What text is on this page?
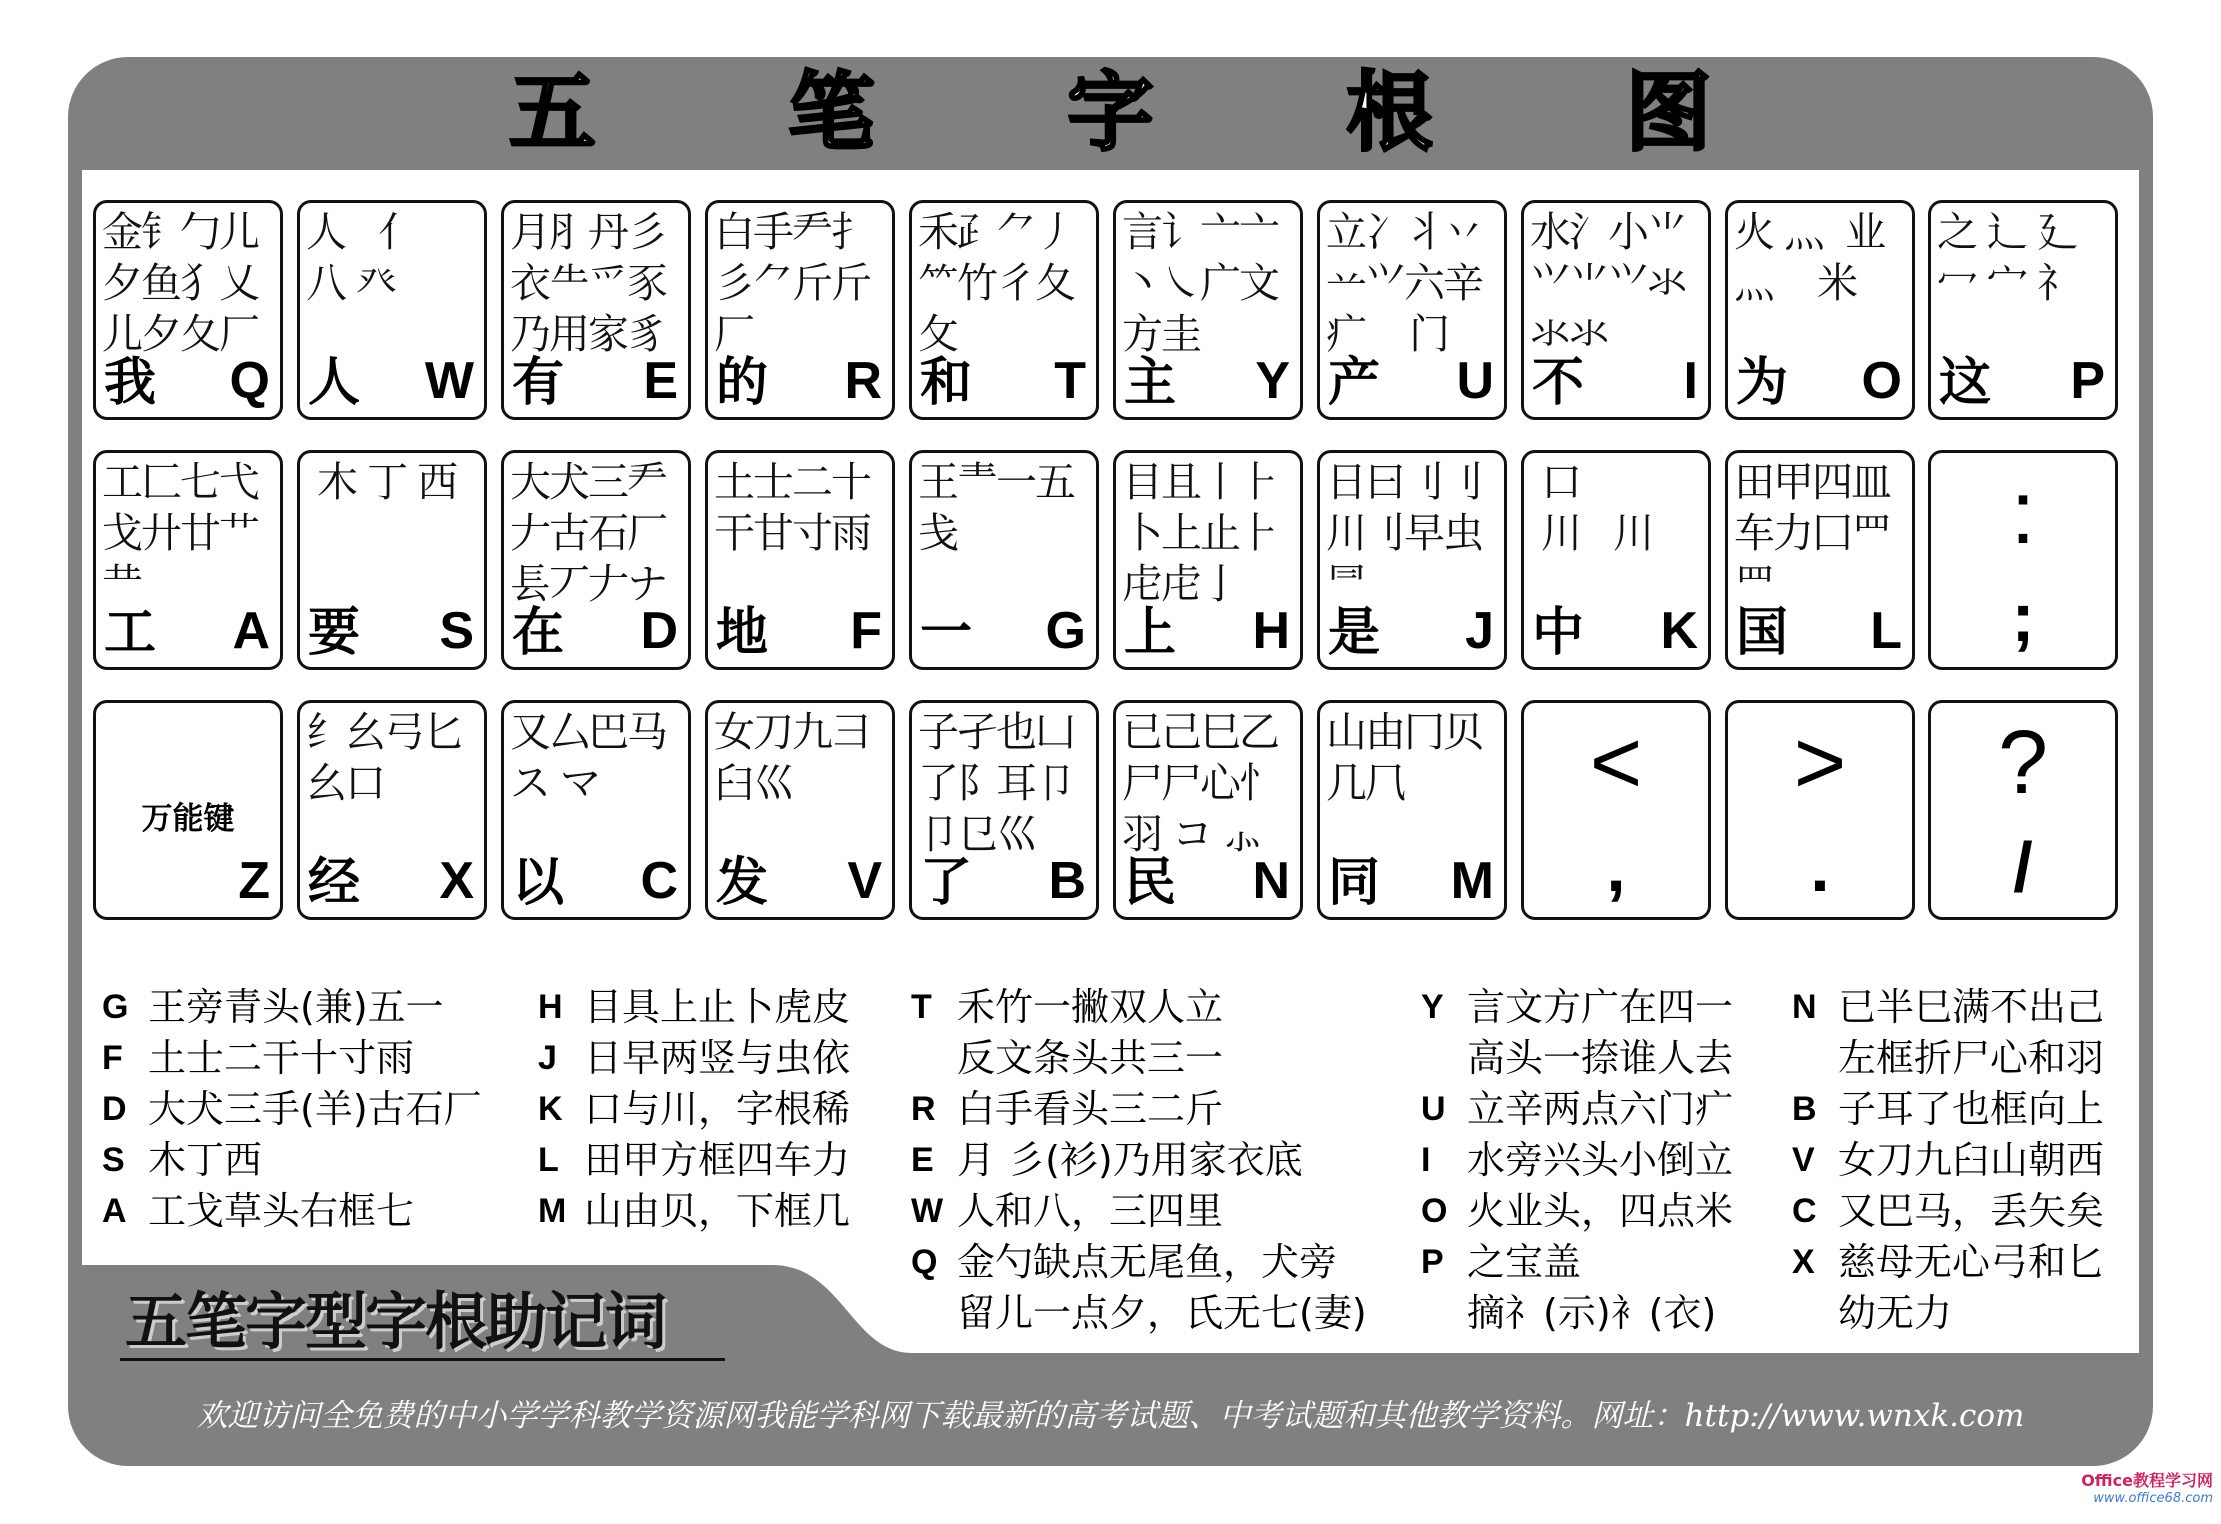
五 笔 字 根 图
金钅勹儿
夕鱼犭乂
儿夕夂厂
我 Q
人   亻
八 癶
人 W
月⺼丹彡
衣⺧爫豕
乃用家豸
有 E
白手龵扌
彡⺈斤斤
厂
的 R
禾⺪⺈丿
⺮竹彳夂
攵
和 T
言讠亠亠
丶㇏广文
方圭
主 Y
立冫丬丷
䒑⺍六辛
疒    门
产 U
水氵小⺌
⺍⺌⺍氺
氺氺
不 I
火 灬  业
灬    米
为 O
之 辶 廴
冖 宀 礻
这 P
工匚七弋
戈廾廿艹
龷
工 A
木 丁 西
要 S
大犬三龵
𠂇古石厂
镸丆𠂇ナ
在 D
土士二十
干甘寸雨
地 F
王龶一五
戋
一 G
目且丨⺊
卜上止⺊
虍虍亅
上 H
日曰刂刂
川刂早虫
⺜
是 J
口
川   川
中 K
田甲四皿
车力囗罒
罒
国 L
:
;
Z
万能键
纟幺弓匕
幺口
经 X
又厶巴马
ス マ
以 C
女刀九彐
臼巛
发 V
子孑也凵
了阝耳卩
卩㔾巛
了 B
已己巳乙
尸尸心忄
羽 コ ⺗
民 N
山由冂贝
几⺇
同 M
<
,
>
.
?
/
五笔字型字根助记词
G 王旁青头(兼)五一
F 土士二干十寸雨
D 大犬三手(羊)古石厂
S 木丁西
A 工戈草头右框七
H 目具上止卜虎皮
J 日早两竖与虫依
K 口与川，字根稀
L 田甲方框四车力
M 山由贝，下框几
T 禾竹一撇双人立
反文条头共三一
R 白手看头三二斤
E 月 彡(衫)乃用家衣底
W 人和八，三四里
Q 金勺缺点无尾鱼，犬旁
留儿一点夕，氏无七(妻)
Y 言文方广在四一
高头一捺谁人去
U 立辛两点六门疒
I 水旁兴头小倒立
O 火业头，四点米
P 之宝盖
摘礻(示)衤(衣)
N 已半巳满不出己
左框折尸心和羽
B 子耳了也框向上
V 女刀九臼山朝西
C 又巴马，丢矢矣
X 慈母无心弓和匕
幼无力
欢迎访问全免费的中小学学科教学资源网我能学科网下载最新的高考试题、中考试题和其他教学资料。网址：http://www.wnxk.com
Office教程学习网
www.office68.com
